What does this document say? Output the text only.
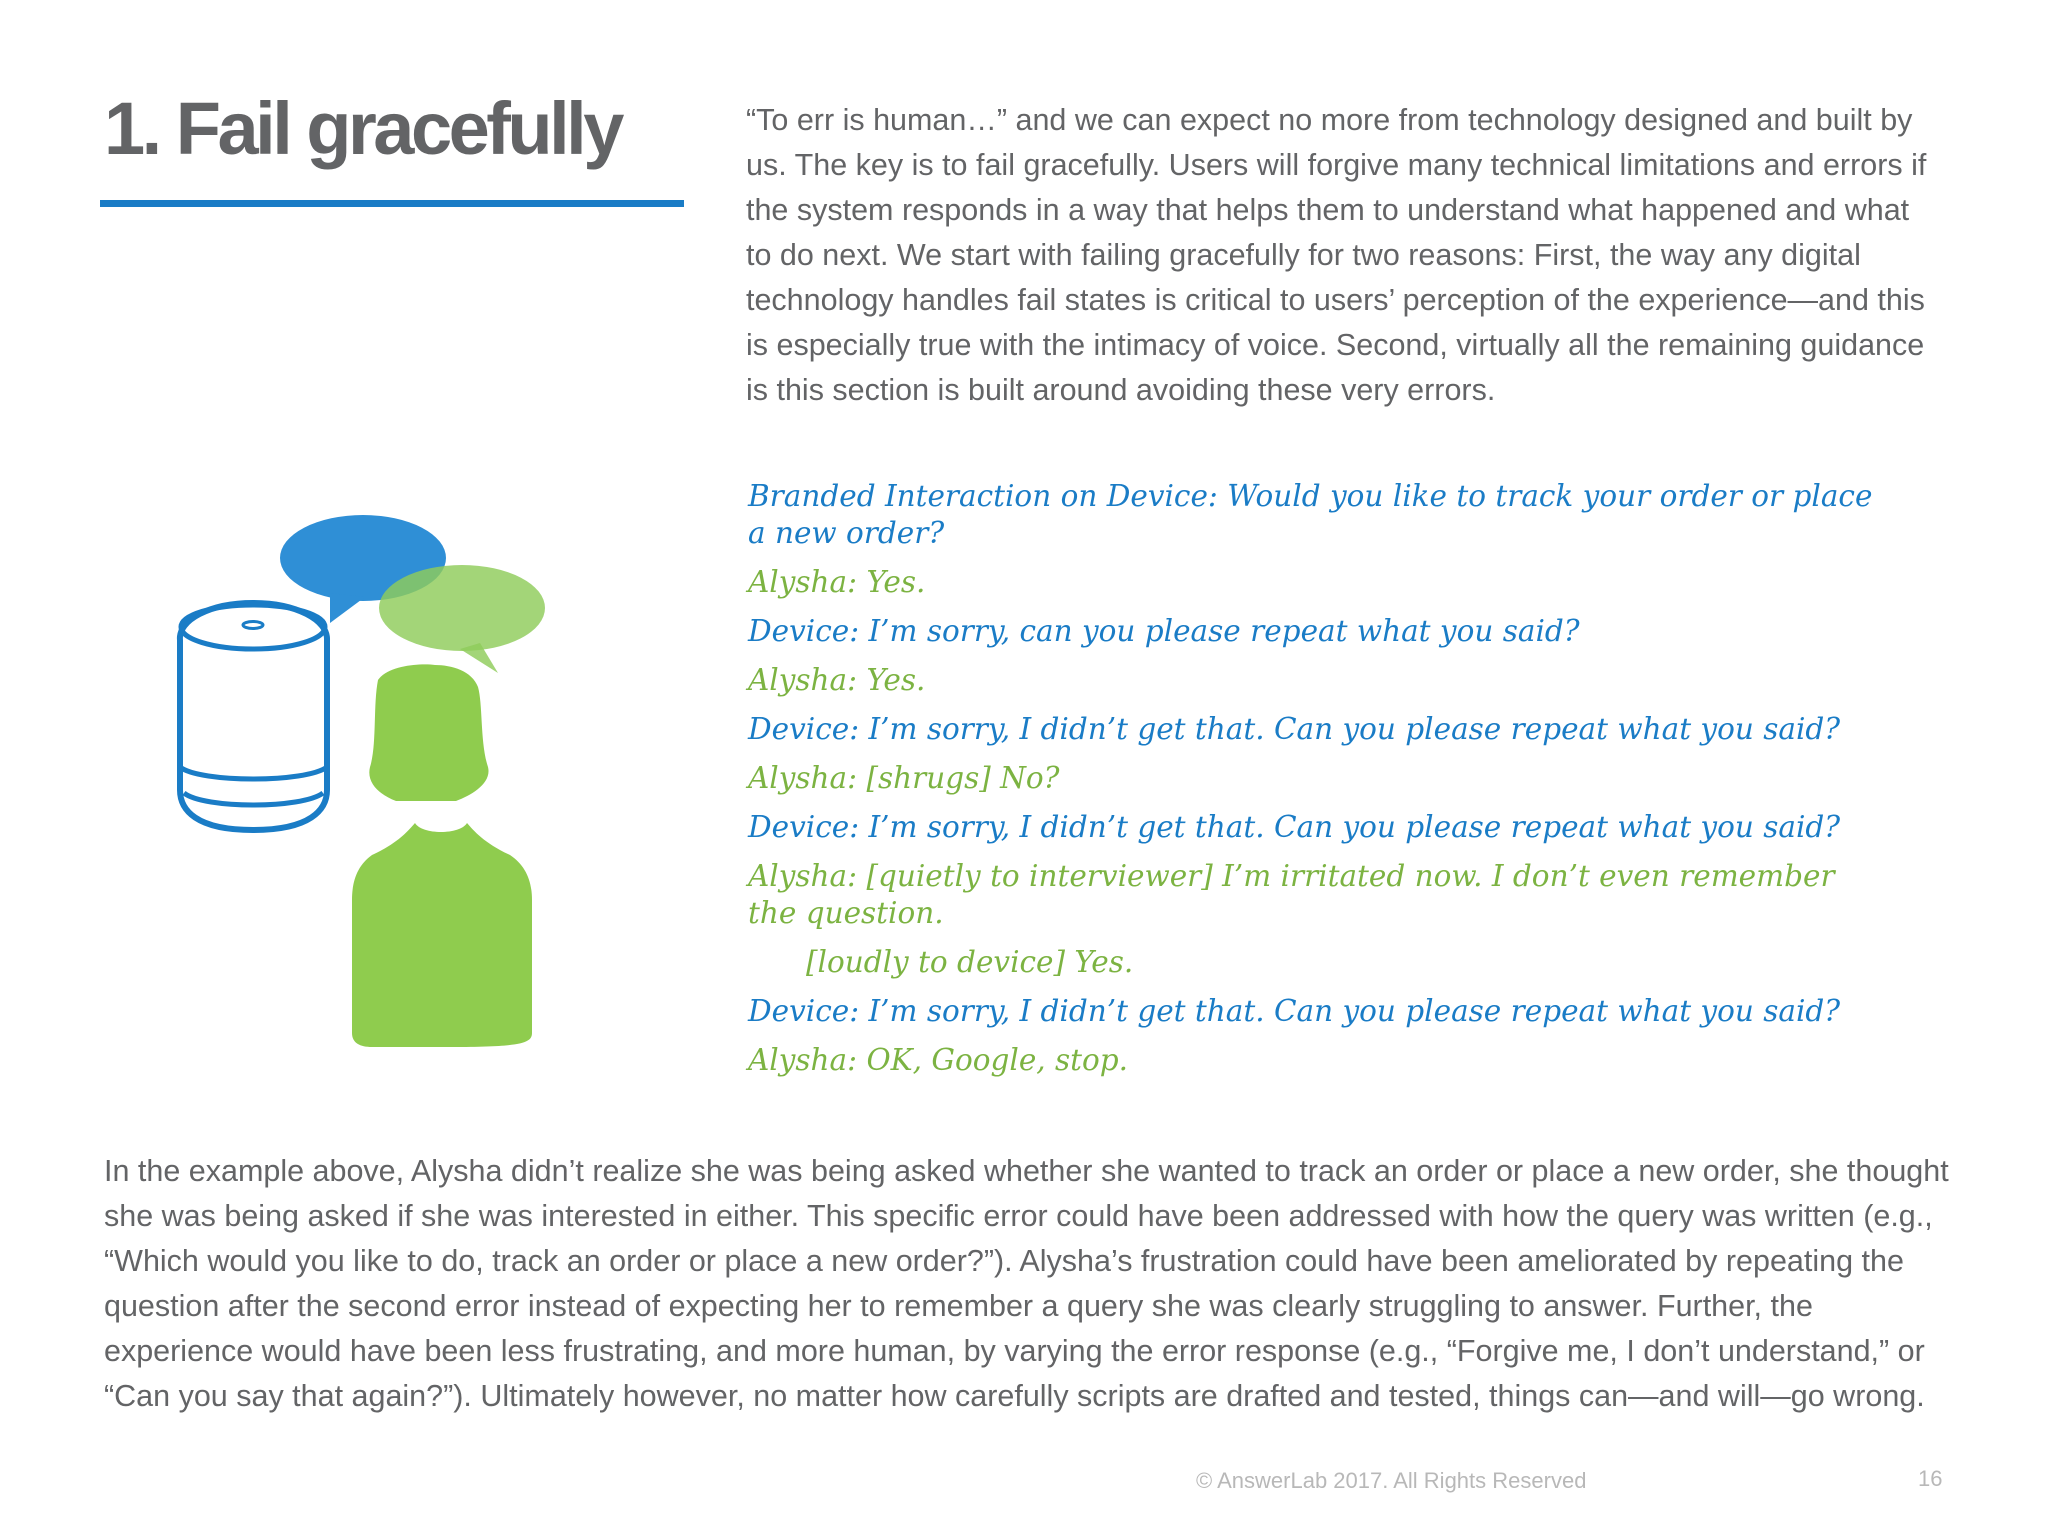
1. Fail gracefully	“To err is human…” and we can expect no more from technology designed and built by us. The key is to fail gracefully. Users will forgive many technical limitations and errors if the system responds in a way that helps them to understand what happened and what to do next. We start with failing gracefully for two reasons: First, the way any digital technology handles fail states is critical to users’ perception of the experience—and this is especially true with the intimacy of voice. Second, virtually all the remaining guidance is this section is built around avoiding these very errors.

Branded Interaction on Device: Would you like to track your order or place a new order?

Alysha: Yes.

Device: I’m sorry, can you please repeat what you said?

Alysha: Yes.

Device: I’m sorry, I didn’t get that. Can you please repeat what you said?

Alysha: [shrugs] No?

Device: I’m sorry, I didn’t get that. Can you please repeat what you said?

Alysha: [quietly to interviewer] I’m irritated now. I don’t even remember the question.

[loudly to device] Yes.

Device: I’m sorry, I didn’t get that. Can you please repeat what you said?

Alysha: OK, Google, stop.

In the example above, Alysha didn’t realize she was being asked whether she wanted to track an order or place a new order, she thought she was being asked if she was interested in either. This specific error could have been addressed with how the query was written (e.g., “Which would you like to do, track an order or place a new order?”). Alysha’s frustration could have been ameliorated by repeating the question after the second error instead of expecting her to remember a query she was clearly struggling to answer. Further, the experience would have been less frustrating, and more human, by varying the error response (e.g., “Forgive me, I don’t understand,” or “Can you say that again?”). Ultimately however, no matter how carefully scripts are drafted and tested, things can—and will—go wrong.

© AnswerLab 2017. All Rights Reserved	16
